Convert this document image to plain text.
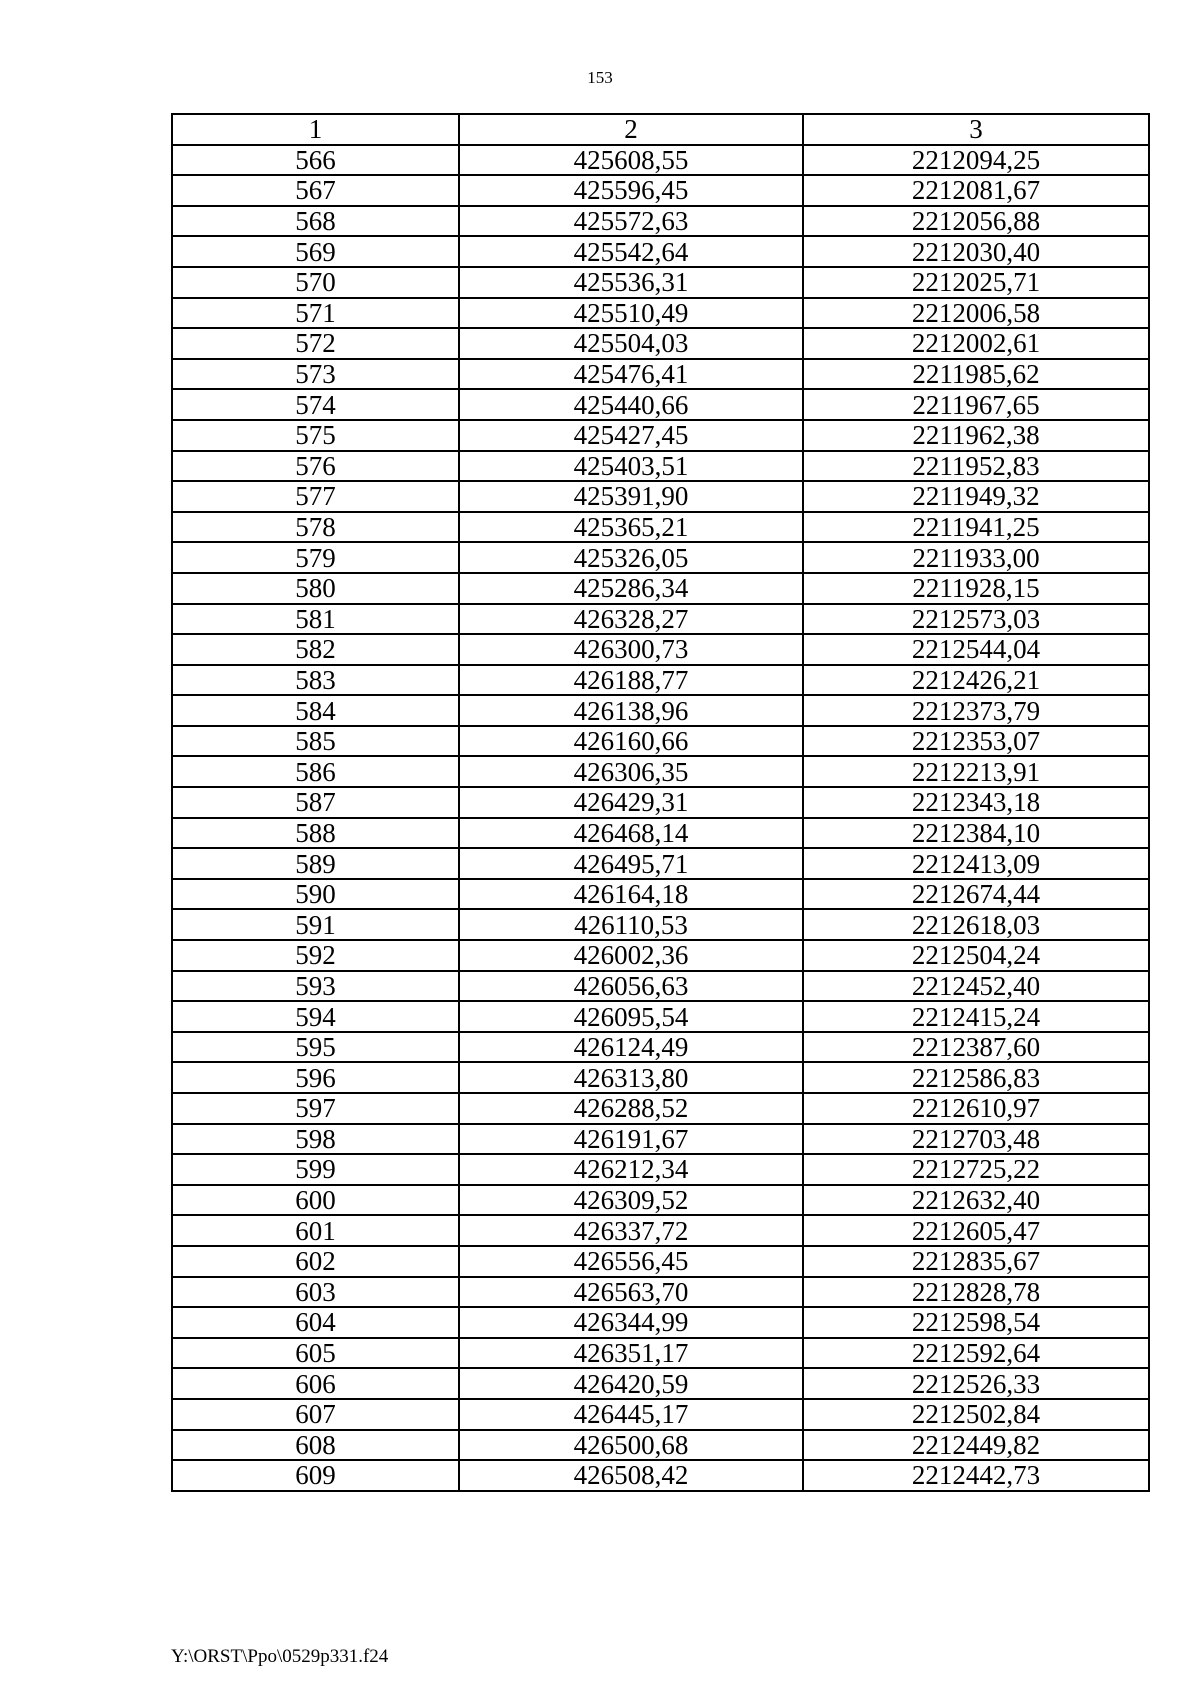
153
1	2	3
566	425608,55	2212094,25
567	425596,45	2212081,67
568	425572,63	2212056,88
569	425542,64	2212030,40
570	425536,31	2212025,71
571	425510,49	2212006,58
572	425504,03	2212002,61
573	425476,41	2211985,62
574	425440,66	2211967,65
575	425427,45	2211962,38
576	425403,51	2211952,83
577	425391,90	2211949,32
578	425365,21	2211941,25
579	425326,05	2211933,00
580	425286,34	2211928,15
581	426328,27	2212573,03
582	426300,73	2212544,04
583	426188,77	2212426,21
584	426138,96	2212373,79
585	426160,66	2212353,07
586	426306,35	2212213,91
587	426429,31	2212343,18
588	426468,14	2212384,10
589	426495,71	2212413,09
590	426164,18	2212674,44
591	426110,53	2212618,03
592	426002,36	2212504,24
593	426056,63	2212452,40
594	426095,54	2212415,24
595	426124,49	2212387,60
596	426313,80	2212586,83
597	426288,52	2212610,97
598	426191,67	2212703,48
599	426212,34	2212725,22
600	426309,52	2212632,40
601	426337,72	2212605,47
602	426556,45	2212835,67
603	426563,70	2212828,78
604	426344,99	2212598,54
605	426351,17	2212592,64
606	426420,59	2212526,33
607	426445,17	2212502,84
608	426500,68	2212449,82
609	426508,42	2212442,73
Y:\ORST\Ppo\0529p331.f24
